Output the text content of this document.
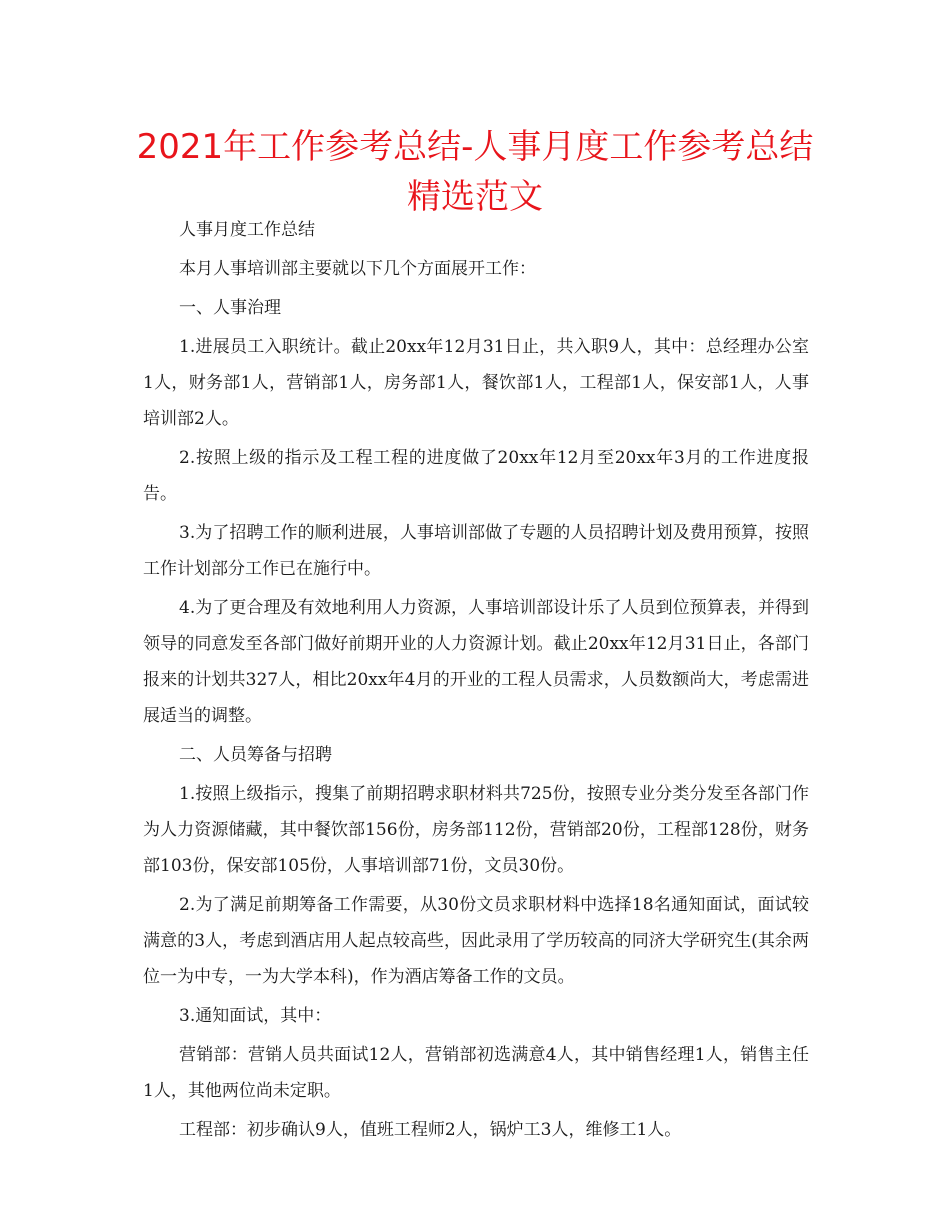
2021年工作参考总结-人事月度工作参考总结精选范文

人事月度工作总结

本月人事培训部主要就以下几个方面展开工作：

一、人事治理

1.进展员工入职统计。截止20xx年12月31日止，共入职9人，其中：总经理办公室1人，财务部1人，营销部1人，房务部1人，餐饮部1人，工程部1人，保安部1人，人事培训部2人。

2.按照上级的指示及工程工程的进度做了20xx年12月至20xx年3月的工作进度报告。

3.为了招聘工作的顺利进展，人事培训部做了专题的人员招聘计划及费用预算，按照工作计划部分工作已在施行中。

4.为了更合理及有效地利用人力资源，人事培训部设计乐了人员到位预算表，并得到领导的同意发至各部门做好前期开业的人力资源计划。截止20xx年12月31日止，各部门报来的计划共327人，相比20xx年4月的开业的工程人员需求，人员数额尚大，考虑需进展适当的调整。

二、人员筹备与招聘

1.按照上级指示，搜集了前期招聘求职材料共725份，按照专业分类分发至各部门作为人力资源储藏，其中餐饮部156份，房务部112份，营销部20份，工程部128份，财务部103份，保安部105份，人事培训部71份，文员30份。

2.为了满足前期筹备工作需要，从30份文员求职材料中选择18名通知面试，面试较满意的3人，考虑到酒店用人起点较高些，因此录用了学历较高的同济大学研究生(其余两位一为中专，一为大学本科)，作为酒店筹备工作的文员。

3.通知面试，其中：

营销部：营销人员共面试12人，营销部初选满意4人，其中销售经理1人，销售主任1人，其他两位尚未定职。

工程部：初步确认9人，值班工程师2人，锅炉工3人，维修工1人。
